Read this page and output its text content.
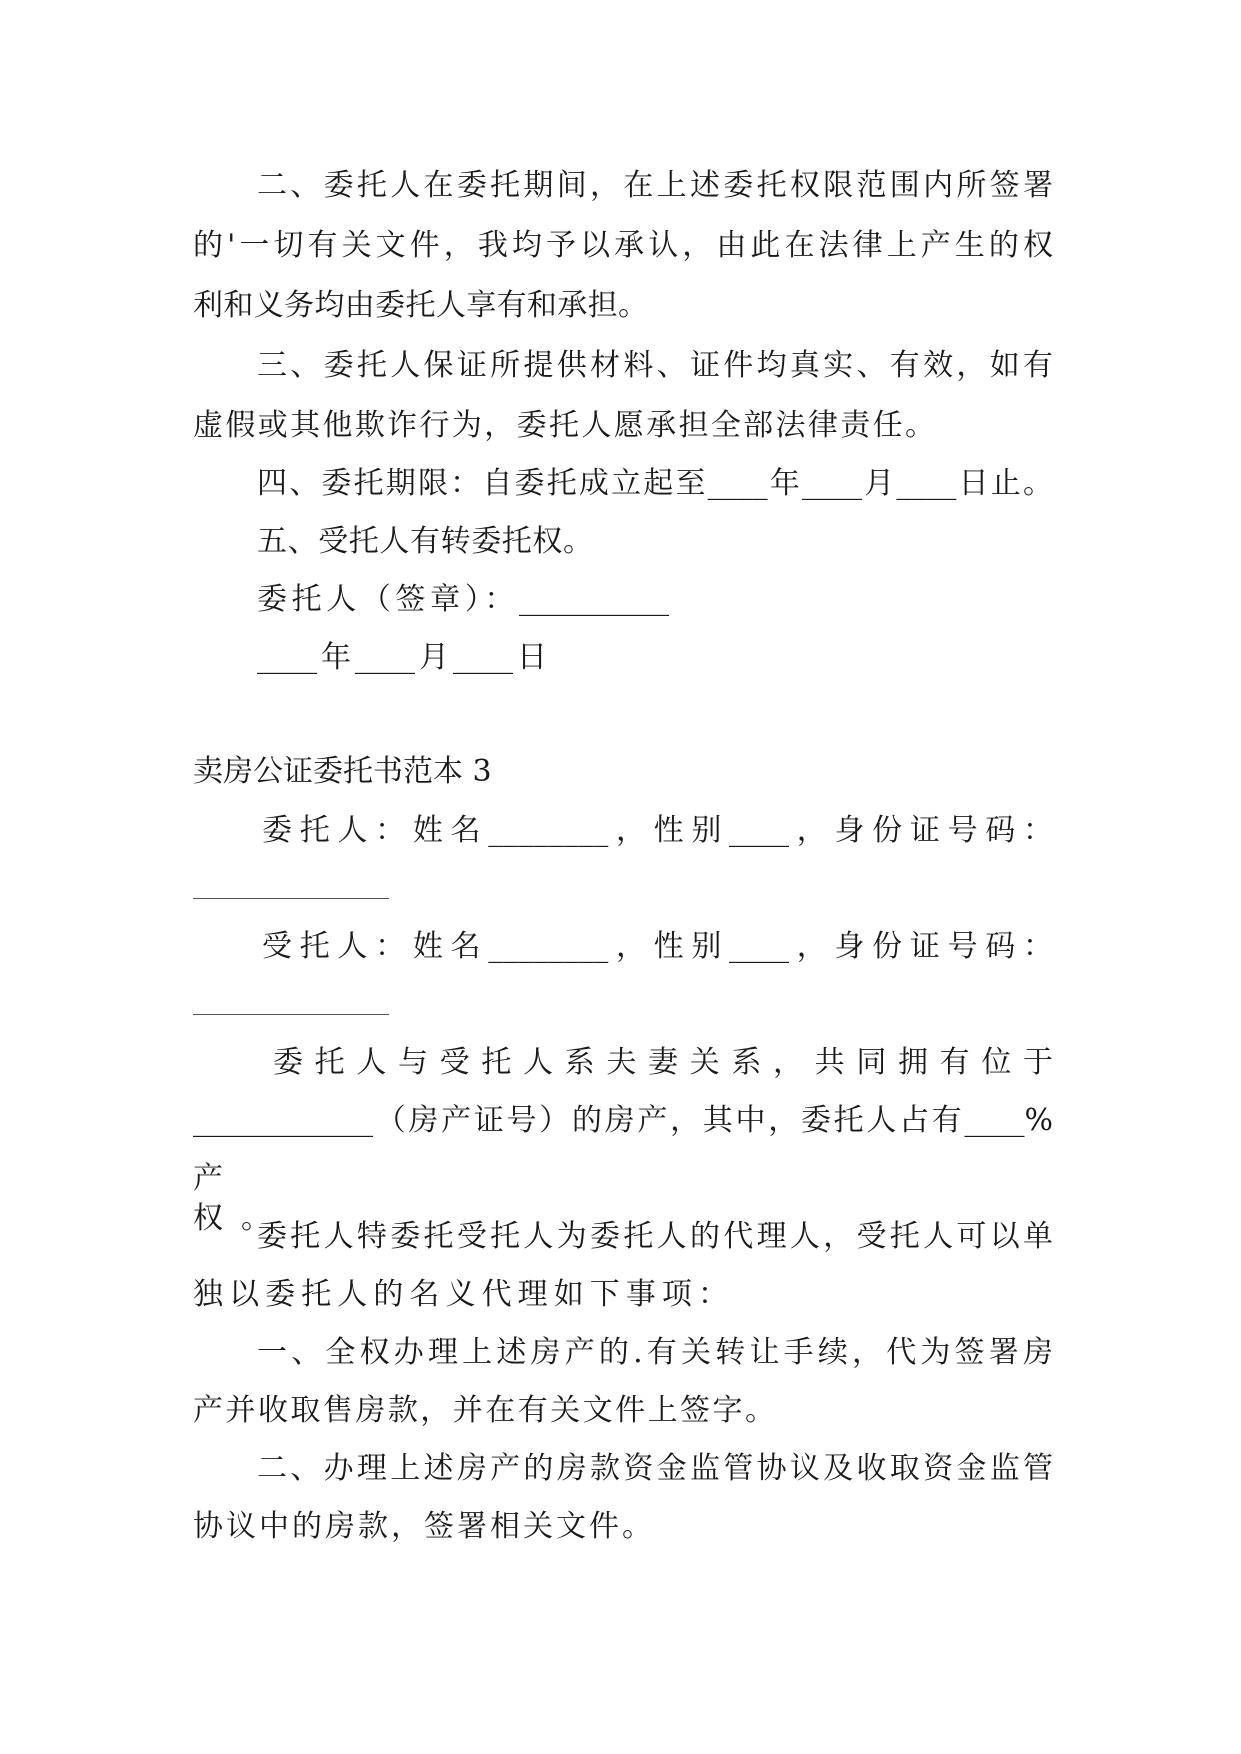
二、委托人在委托期间，在上述委托权限范围内所签署
的'一切有关文件，我均予以承认，由此在法律上产生的权
利和义务均由委托人享有和承担。
三、委托人保证所提供材料、证件均真实、有效，如有
虚假或其他欺诈行为，委托人愿承担全部法律责任。
四、委托期限：自委托成立起至____年____月____日止。
五、受托人有转委托权。
委托人（签章）：__________
____年____月____日
卖房公证委托书范本 3
委托人：姓名________，性别____，身份证号码：
受托人：姓名________，性别____，身份证号码：
委托人与受托人系夫妻关系，共同拥有位于
____________（房产证号）的房产，其中，委托人占有____%
产权。
委托人特委托受托人为委托人的代理人，受托人可以单
独以委托人的名义代理如下事项：
一、全权办理上述房产的.有关转让手续，代为签署房
产并收取售房款，并在有关文件上签字。
二、办理上述房产的房款资金监管协议及收取资金监管
协议中的房款，签署相关文件。
